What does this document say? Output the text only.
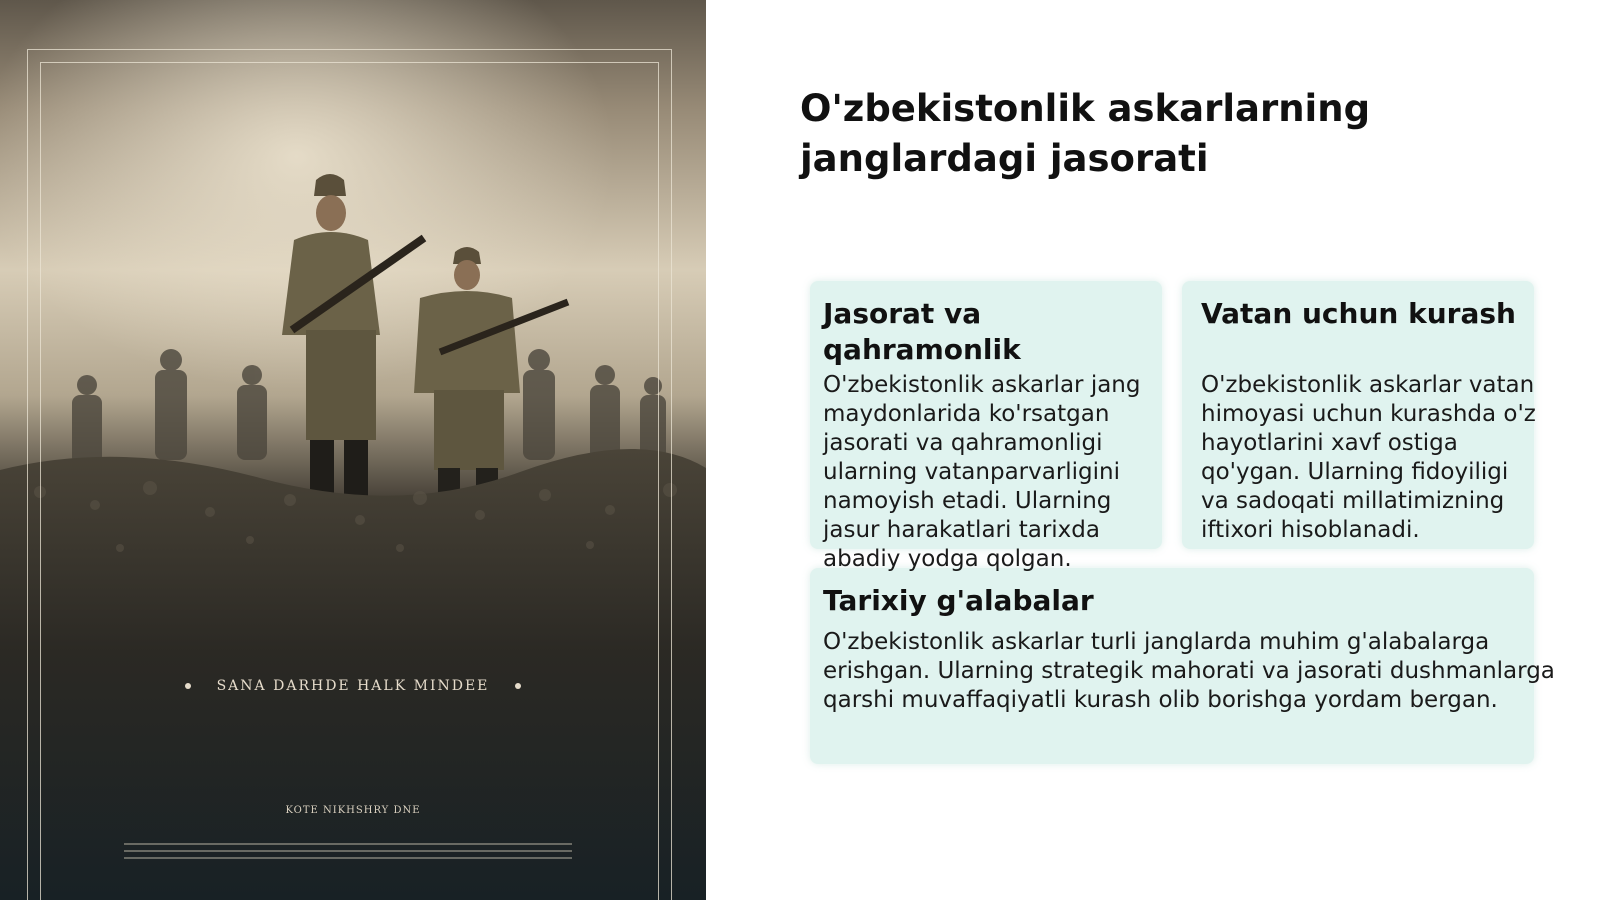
SANA DARHDE HALK MINDEE
KOTE NIKHSHRY DNE
O'zbekistonlik askarlarning janglardagi jasorati
Jasorat va qahramonlik

O'zbekistonlik askarlar jang maydonlarida ko'rsatgan jasorati va qahramonligi ularning vatanparvarligini namoyish etadi. Ularning jasur harakatlari tarixda abadiy yodga qolgan.

Vatan uchun kurash

O'zbekistonlik askarlar vatan himoyasi uchun kurashda o'z hayotlarini xavf ostiga qo'ygan. Ularning fidoyiligi va sadoqati millatimizning iftixori hisoblanadi.

Tarixiy g'alabalar

O'zbekistonlik askarlar turli janglarda muhim g'alabalarga erishgan. Ularning strategik mahorati va jasorati dushmanlarga qarshi muvaffaqiyatli kurash olib borishga yordam bergan.
